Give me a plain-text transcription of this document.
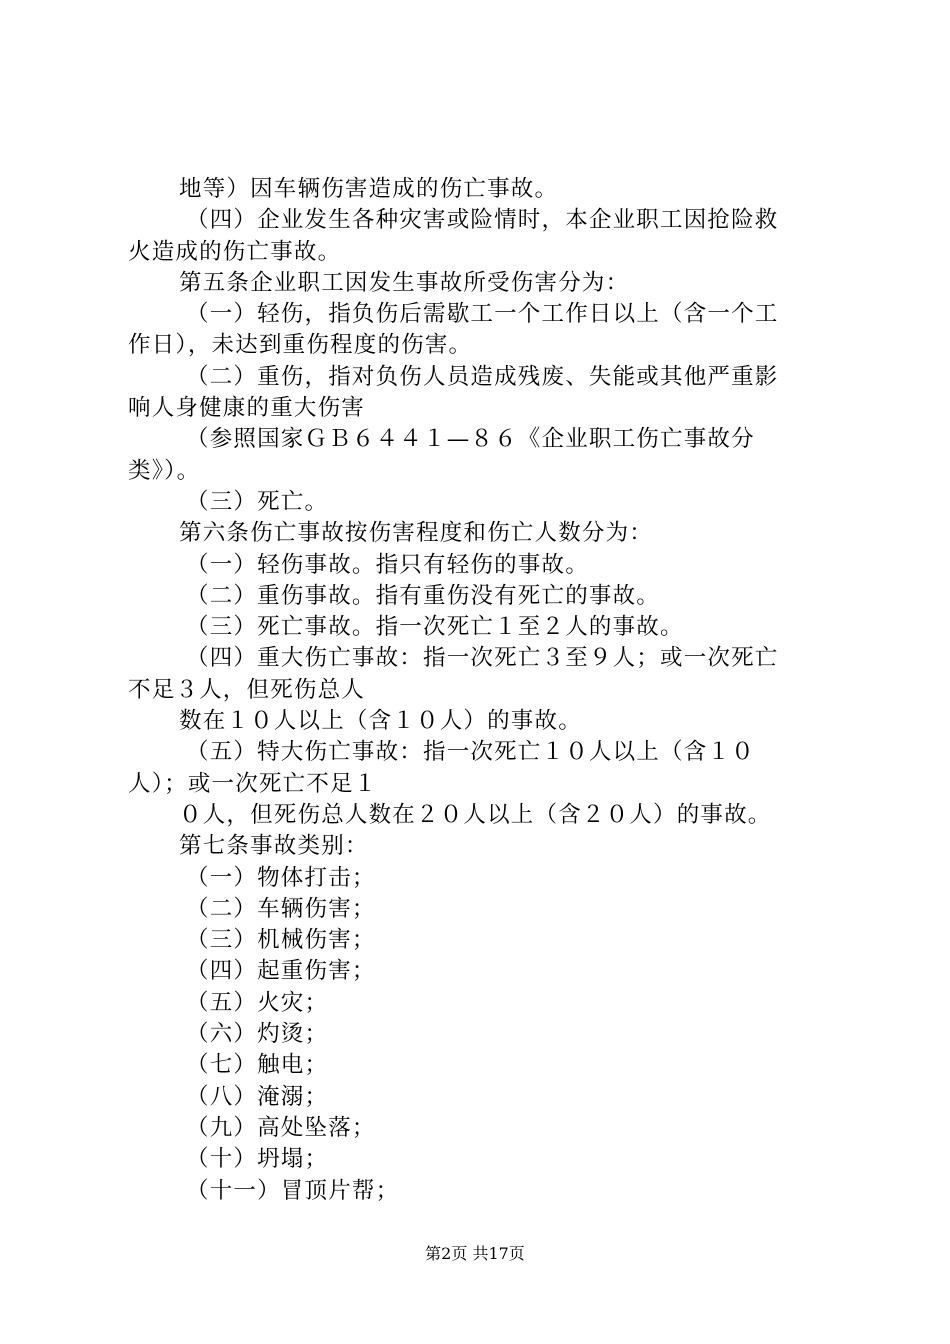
地等）因车辆伤害造成的伤亡事故。
（四）企业发生各种灾害或险情时，本企业职工因抢险救
火造成的伤亡事故。
第五条企业职工因发生事故所受伤害分为：
（一）轻伤，指负伤后需歇工一个工作日以上（含一个工
作日），未达到重伤程度的伤害。
（二）重伤，指对负伤人员造成残废、失能或其他严重影
响人身健康的重大伤害
（参照国家ＧＢ６４４１—８６《企业职工伤亡事故分
类》）。
（三）死亡。
第六条伤亡事故按伤害程度和伤亡人数分为：
（一）轻伤事故。指只有轻伤的事故。
（二）重伤事故。指有重伤没有死亡的事故。
（三）死亡事故。指一次死亡１至２人的事故。
（四）重大伤亡事故：指一次死亡３至９人；或一次死亡
不足３人，但死伤总人
数在１０人以上（含１０人）的事故。
（五）特大伤亡事故：指一次死亡１０人以上（含１０
人）；或一次死亡不足１
０人，但死伤总人数在２０人以上（含２０人）的事故。
第七条事故类别：
（一）物体打击；
（二）车辆伤害；
（三）机械伤害；
（四）起重伤害；
（五）火灾；
（六）灼烫；
（七）触电；
（八）淹溺；
（九）高处坠落；
（十）坍塌；
（十一）冒顶片帮；
第2页 共17页
